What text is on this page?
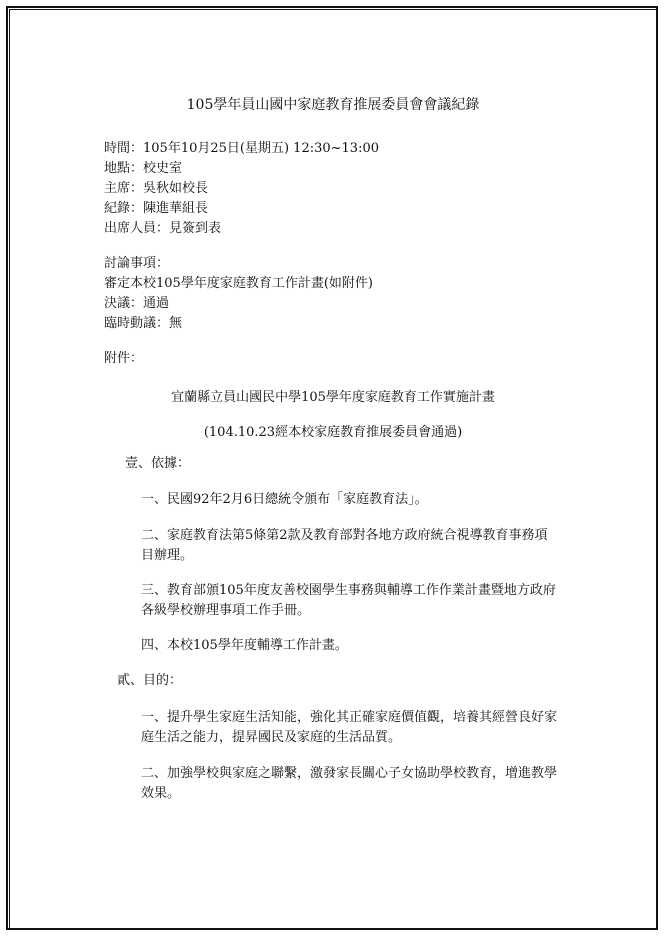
105學年員山國中家庭教育推展委員會會議紀錄
時間：105年10月25日(星期五) 12:30~13:00
地點：校史室
主席：吳秋如校長
紀錄：陳進華組長
出席人員：見簽到表
討論事項：
審定本校105學年度家庭教育工作計畫(如附件)
決議：通過
臨時動議：無
附件：
宜蘭縣立員山國民中學105學年度家庭教育工作實施計畫
(104.10.23經本校家庭教育推展委員會通過)
壹、依據：
一、民國92年2月6日總統令頒布「家庭教育法」。
二、家庭教育法第5條第2款及教育部對各地方政府統合視導教育事務項
目辦理。
三、教育部頒105年度友善校園學生事務與輔導工作作業計畫暨地方政府
各級學校辦理事項工作手冊。
四、本校105學年度輔導工作計畫。
貳、目的：
一、提升學生家庭生活知能，強化其正確家庭價值觀，培養其經營良好家
庭生活之能力，提昇國民及家庭的生活品質。
二、加強學校與家庭之聯繫，激發家長關心子女協助學校教育，增進教學
效果。
